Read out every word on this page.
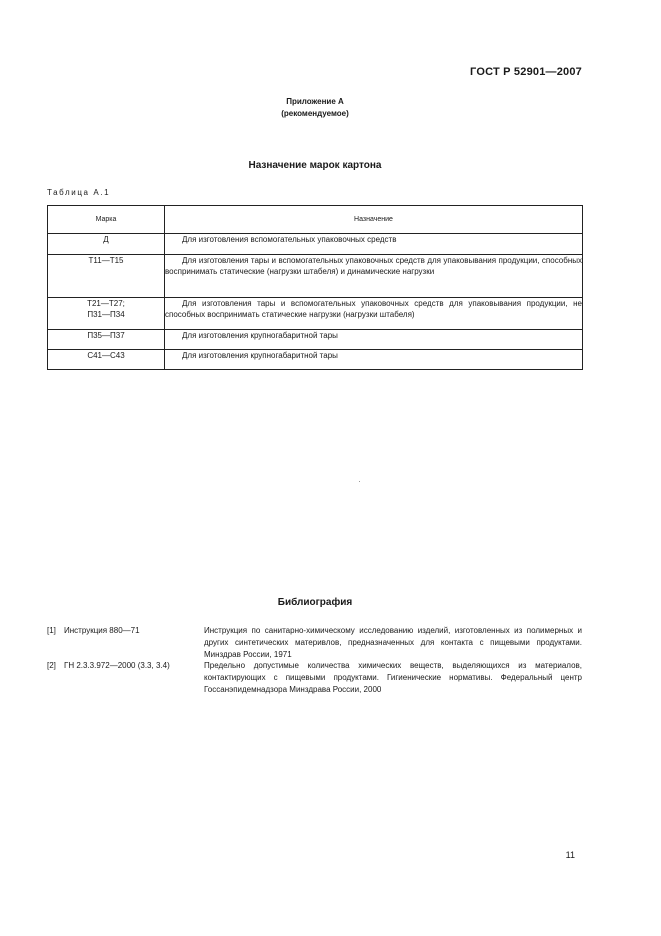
ГОСТ Р 52901—2007
Приложение А
(рекомендуемое)
Назначение марок картона
Таблица А.1
Марка	Назначение
Д	Для изготовления вспомогательных упаковочных средств
Т11—Т15	Для изготовления тары и вспомогательных упаковочных средств для упаковывания продукции, способных воспринимать статические (нагрузки штабеля) и динамические нагрузки

Т21—Т27; П31—П34	Для изготовления тары и вспомогательных упаковочных средств для упаковывания продукции, не способных воспринимать статические нагрузки (нагрузки штабеля)
П35—П37	Для изготовления крупногабаритной тары
С41—С43	Для изготовления крупногабаритной тары
Библиография
[1] Инструкция 880—71	Инструкция по санитарно-химическому исследованию изделий, изготовленных из полимерных и других синтетических материвлов, предназначенных для контакта с пищевыми продуктами. Минздрав России, 1971
[2] ГН 2.3.3.972—2000 (3.3, 3.4)	Предельно допустимые количества химических веществ, выделяющихся из материалов, контактирующих с пищевыми продуктами. Гигиенические нормативы. Федеральный центр Госсанэпидемнадзора Минздрава России, 2000
11
